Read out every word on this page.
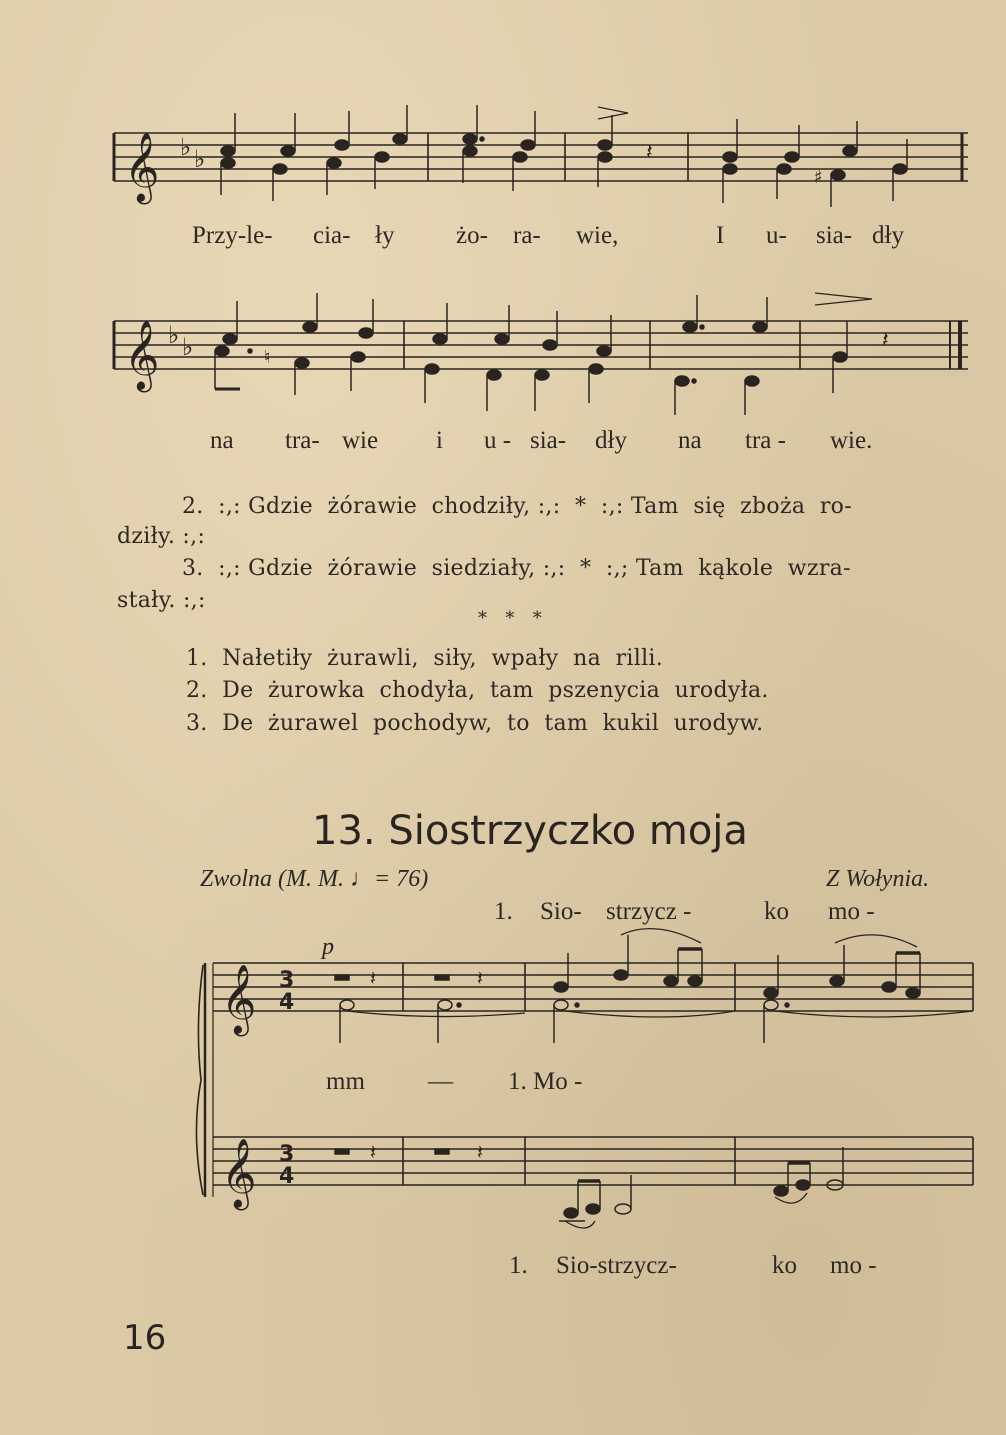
𝄞 ♭ ♭
♯
𝄽
Przy-le- cia- ły żo- ra- wie,	I u- sia- dły
𝄞 ♭ ♭	𝄽
♮
na tra- wie i u - sia- dły na tra - wie.
2.  :,: Gdzie  żórawie  chodziły, :,:  *  :,: Tam  się  zboża  ro-
dziły. :,:
3.  :,: Gdzie  żórawie  siedziały, :,:  *  :,; Tam  kąkole  wzra-
stały. :,:
*   *   *
1.  Nałetiły  żurawli,  siły,  wpały  na  rilli.
2.  De  żurowka  chodyła,  tam  pszenycia  urodyła.
3.  De  żurawel  pochodyw,  to  tam  kukil  urodyw.
13. Siostrzyczko moja
Zwolna (M. M. ♩= 76)	Z Wołynia.
1. Sio- strzycz -	ko mo -
p
𝄞
𝄞
3
4
3
4
𝄽	𝄽
𝄽	𝄽
mm	— 1. Mo -
1. Sio-strzycz-	ko mo -
16
